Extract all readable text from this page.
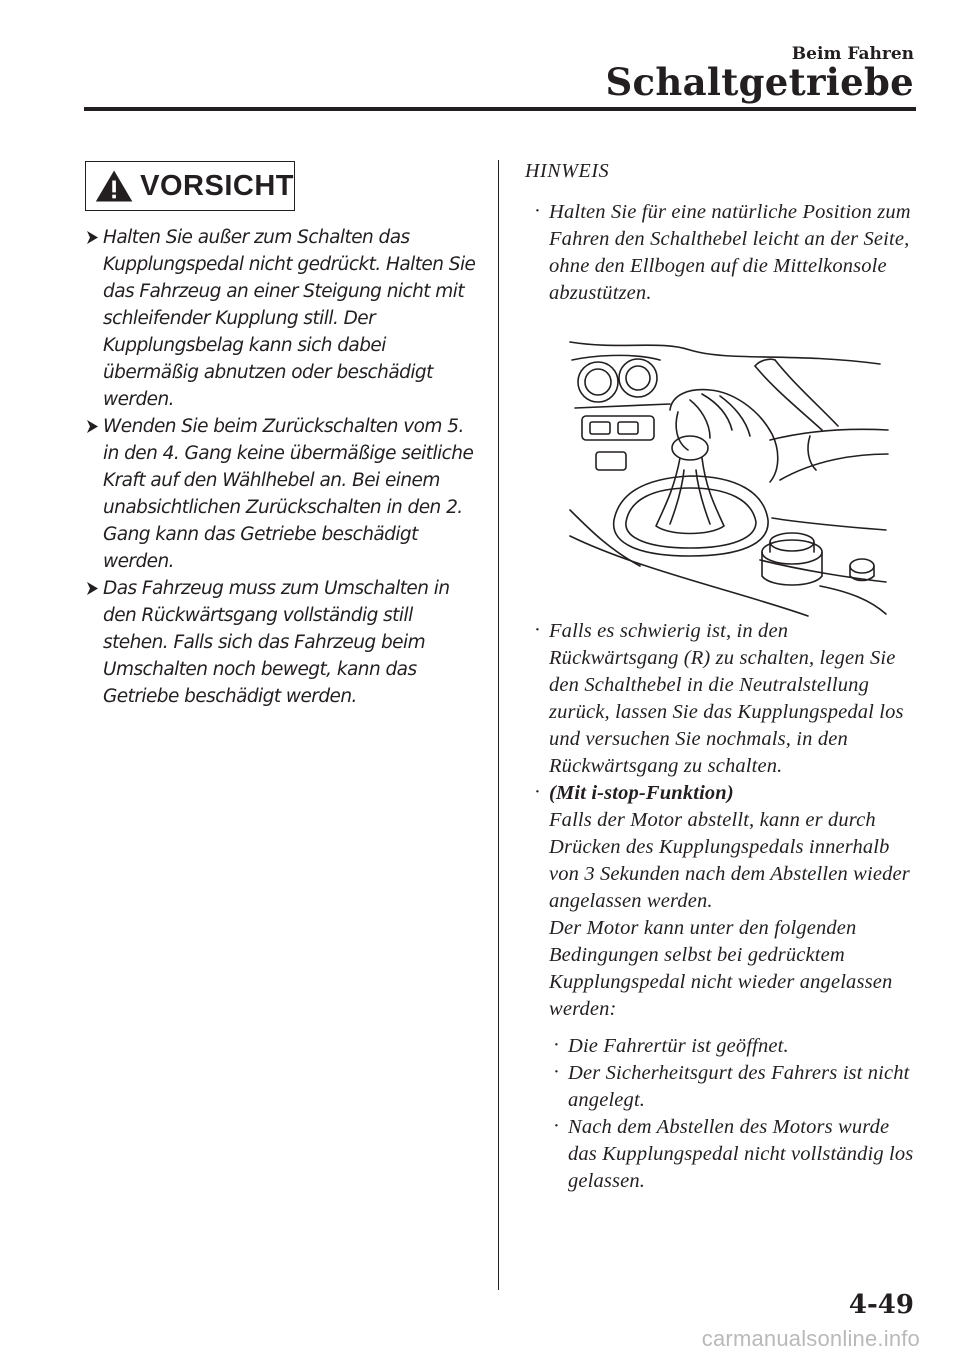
Beim Fahren
Schaltgetriebe
VORSICHT
Halten Sie außer zum Schalten das Kupplungspedal nicht gedrückt. Halten Sie das Fahrzeug an einer Steigung nicht mit schleifender Kupplung still. Der Kupplungsbelag kann sich dabei übermäßig abnutzen oder beschädigt werden.
Wenden Sie beim Zurückschalten vom 5. in den 4. Gang keine übermäßige seitliche Kraft auf den Wählhebel an. Bei einem unabsichtlichen Zurückschalten in den 2. Gang kann das Getriebe beschädigt werden.
Das Fahrzeug muss zum Umschalten in den Rückwärtsgang vollständig still stehen. Falls sich das Fahrzeug beim Umschalten noch bewegt, kann das Getriebe beschädigt werden.
HINWEIS
· Halten Sie für eine natürliche Position zum Fahren den Schalthebel leicht an der Seite, ohne den Ellbogen auf die Mittelkonsole abzustützen.
· Falls es schwierig ist, in den Rückwärtsgang (R) zu schalten, legen Sie den Schalthebel in die Neutralstellung zurück, lassen Sie das Kupplungspedal los und versuchen Sie nochmals, in den Rückwärtsgang zu schalten.
· (Mit i-stop-Funktion)
Falls der Motor abstellt, kann er durch Drücken des Kupplungspedals innerhalb von 3 Sekunden nach dem Abstellen wieder angelassen werden.
Der Motor kann unter den folgenden Bedingungen selbst bei gedrücktem Kupplungspedal nicht wieder angelassen werden:
· Die Fahrertür ist geöffnet.
· Der Sicherheitsgurt des Fahrers ist nicht angelegt.
· Nach dem Abstellen des Motors wurde das Kupplungspedal nicht vollständig los gelassen.
4-49
carmanualsonline.info
